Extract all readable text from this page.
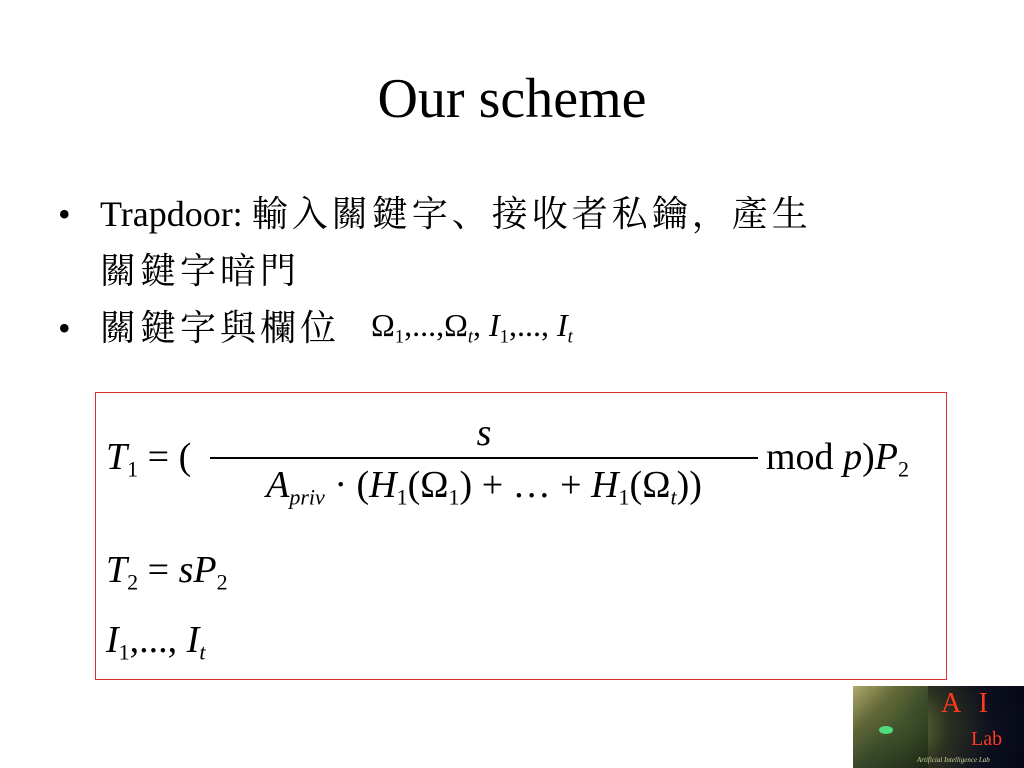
Our scheme
• Trapdoor: 輸入關鍵字、接收者私鑰，產生
關鍵字暗門
• 關鍵字與欄位 $\Omega_1,...,\Omega_t$, $I_1$,..., $I_t$
$T_1$ = (
s
$A_{priv} \cdot (H_1(\Omega_1)$ + … + $H_1(\Omega_t)$)
mod $p)P_2$
$T_2 = sP_2$
$I_1$,..., $I_t$
A I
Lab
Artificial Intelligence Lab
